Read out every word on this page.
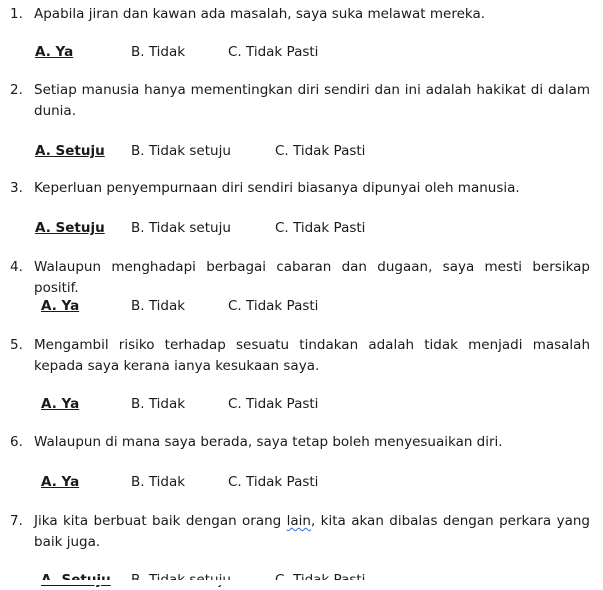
1. Apabila jiran dan kawan ada masalah, saya suka melawat mereka.
A. Ya	B. Tidak	C. Tidak Pasti
2. Setiap manusia hanya mementingkan diri sendiri dan ini adalah hakikat di dalam dunia.
A. Setuju B. Tidak setuju	C. Tidak Pasti
3. Keperluan penyempurnaan diri sendiri biasanya dipunyai oleh manusia.
A. Setuju B. Tidak setuju	C. Tidak Pasti
4. Walaupun menghadapi berbagai cabaran dan dugaan, saya mesti bersikap positif.
A. Ya	B. Tidak	C. Tidak Pasti
5. Mengambil risiko terhadap sesuatu tindakan adalah tidak menjadi masalah kepada saya kerana ianya kesukaan saya.
A. Ya	B. Tidak	C. Tidak Pasti
6. Walaupun di mana saya berada, saya tetap boleh menyesuaikan diri.
A. Ya	B. Tidak	C. Tidak Pasti
7. Jika kita berbuat baik dengan orang lain, kita akan dibalas dengan perkara yang baik juga.
